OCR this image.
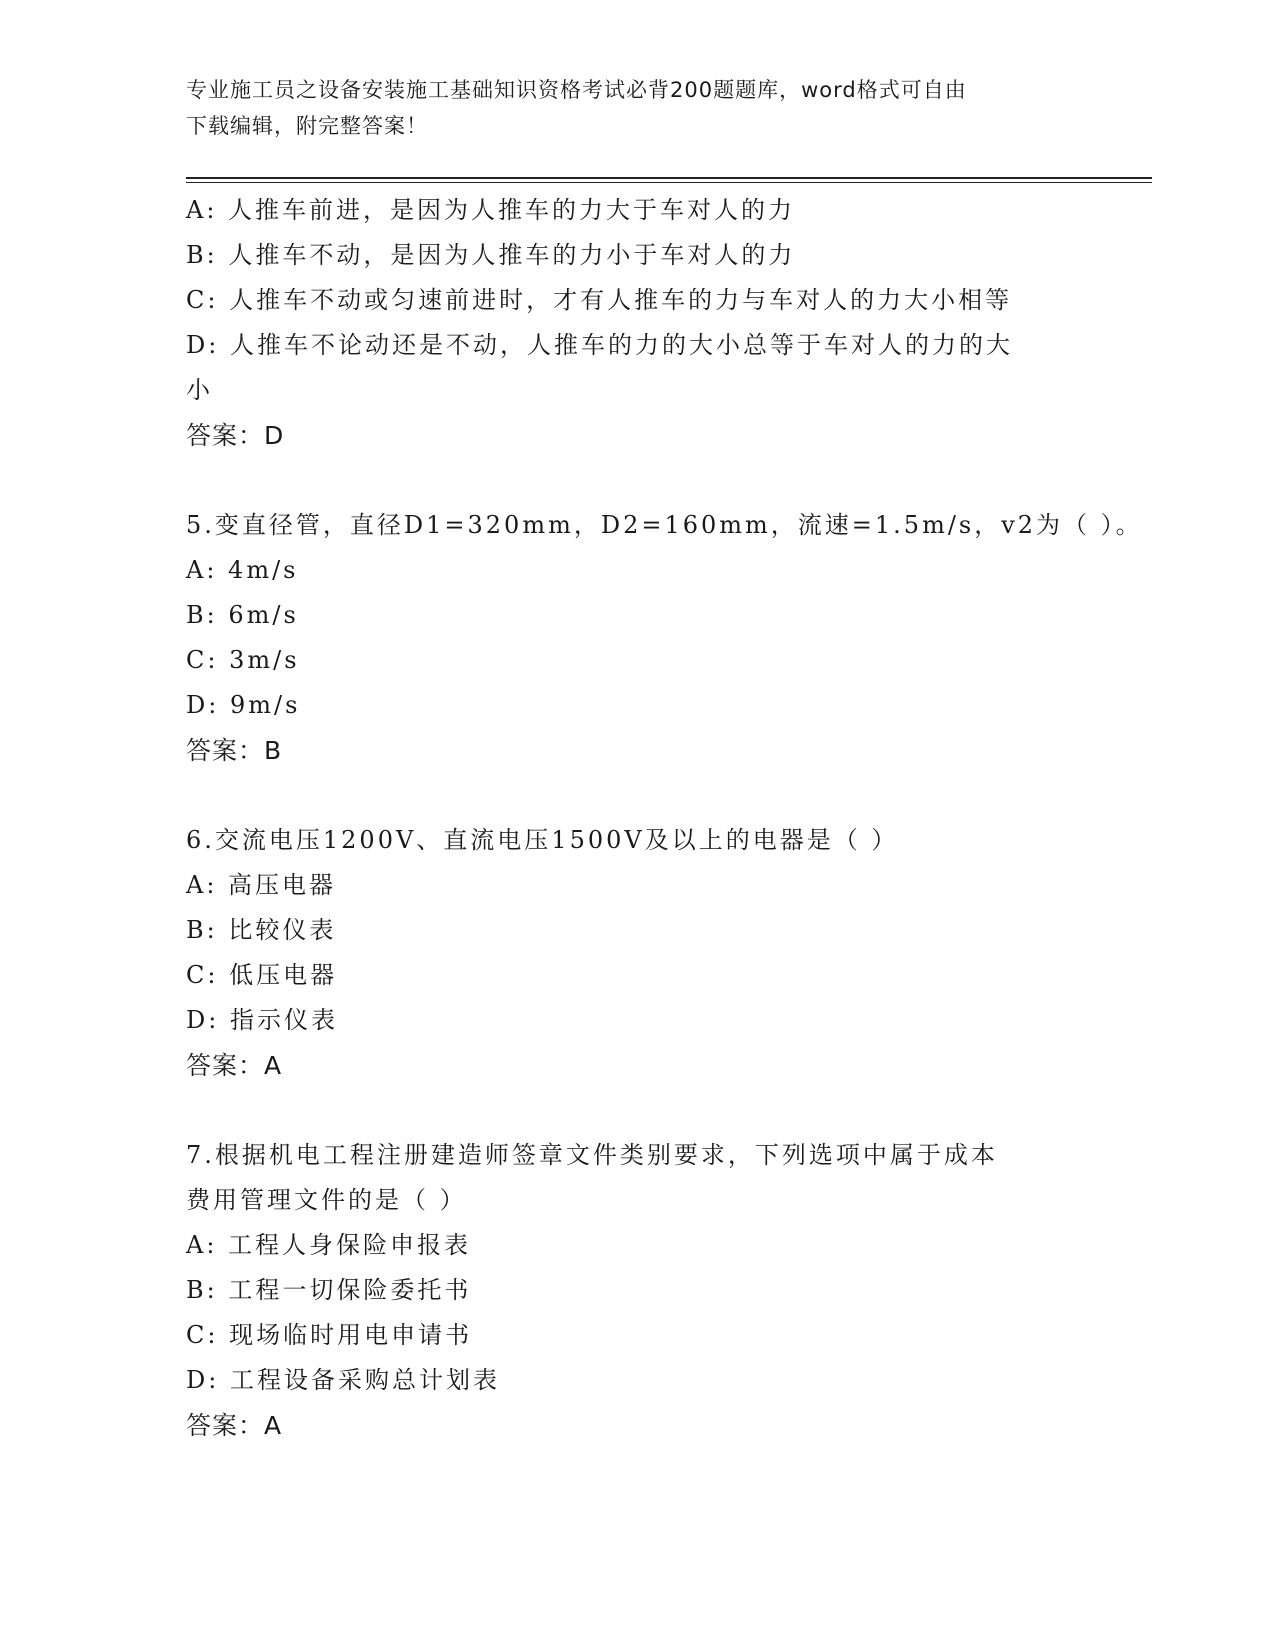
专业施工员之设备安装施工基础知识资格考试必背200题题库，word格式可自由
下载编辑，附完整答案！
A: 人推车前进，是因为人推车的力大于车对人的力
B: 人推车不动，是因为人推车的力小于车对人的力
C: 人推车不动或匀速前进时，才有人推车的力与车对人的力大小相等
D: 人推车不论动还是不动，人推车的力的大小总等于车对人的力的大
小
答案：D
5.变直径管，直径D1=320mm，D2=160mm，流速=1.5m/s，v2为（ ）。
A: 4m/s
B: 6m/s
C: 3m/s
D: 9m/s
答案：B
6.交流电压1200V、直流电压1500V及以上的电器是（ ）
A: 高压电器
B: 比较仪表
C: 低压电器
D: 指示仪表
答案：A
7.根据机电工程注册建造师签章文件类别要求，下列选项中属于成本
费用管理文件的是（ ）
A: 工程人身保险申报表
B: 工程一切保险委托书
C: 现场临时用电申请书
D: 工程设备采购总计划表
答案：A
